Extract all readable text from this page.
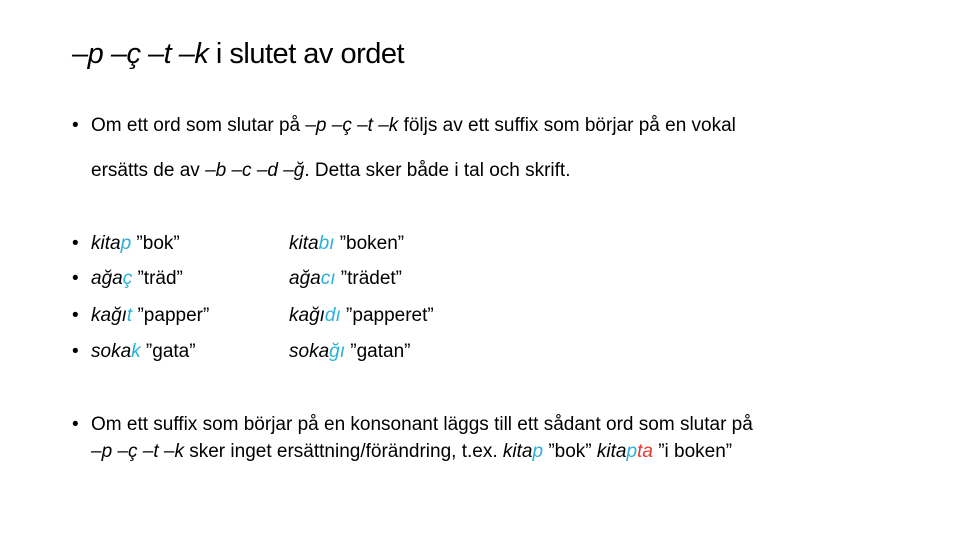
–p –ç –t –k i slutet av ordet
• Om ett ord som slutar på –p –ç –t –k följs av ett suffix som börjar på en vokal
ersätts de av –b –c –d –ğ. Detta sker både i tal och skrift.
•
•
•
•
kitap ”bok”
ağaç ”träd”
kağıt ”papper”
sokak ”gata”
kitabı ”boken”
ağacı ”trädet”
kağıdı ”papperet”
sokağı ”gatan”
• Om ett suffix som börjar på en konsonant läggs till ett sådant ord som slutar på
–p –ç –t –k sker inget ersättning/förändring, t.ex. kitap ”bok” kitapta ”i boken”
